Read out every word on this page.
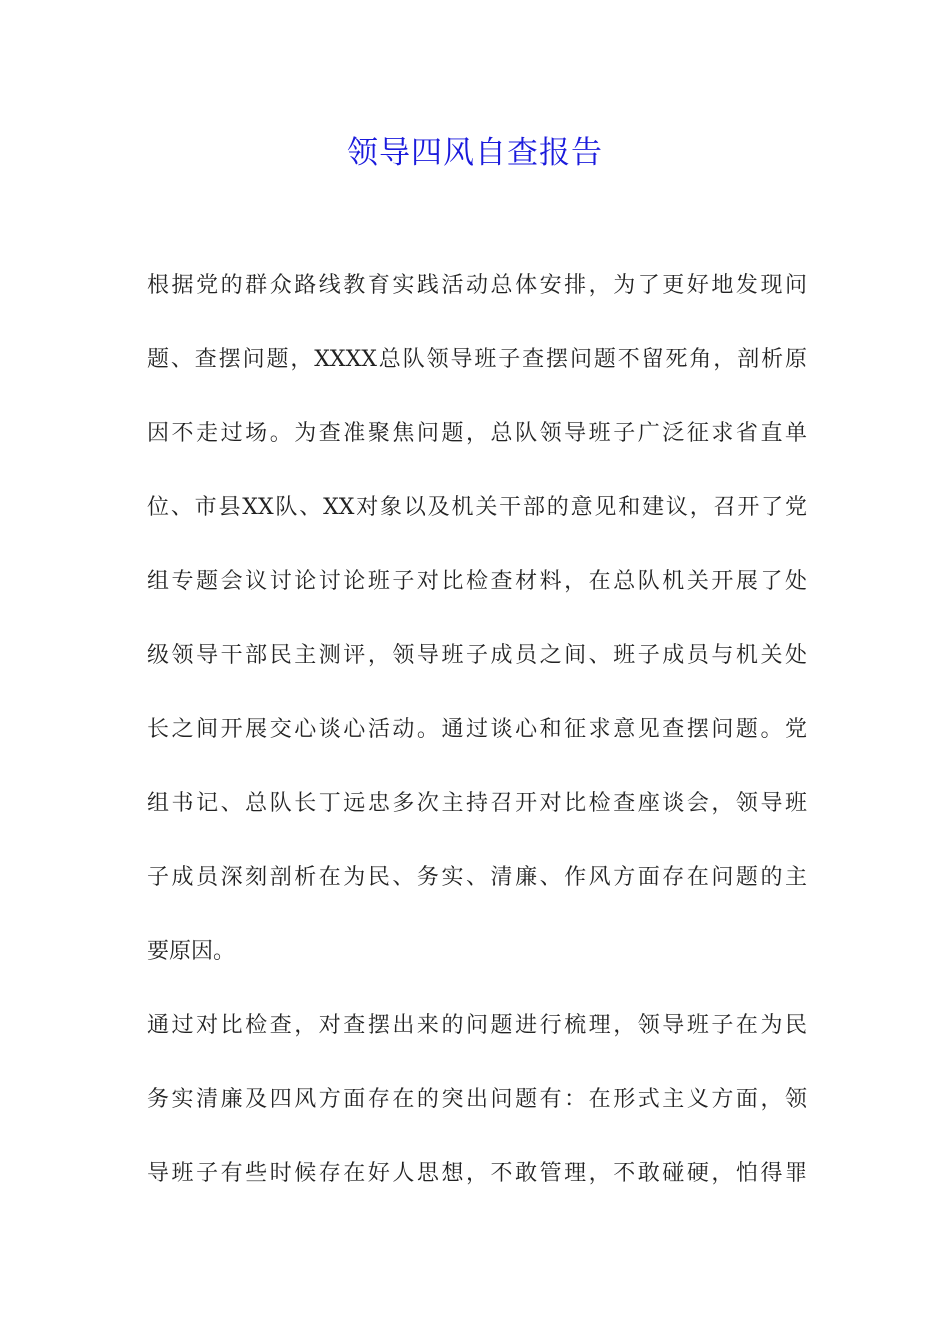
领导四风自查报告
根据党的群众路线教育实践活动总体安排，为了更好地发现问
题、查摆问题，XXXX总队领导班子查摆问题不留死角，剖析原
因不走过场。为查准聚焦问题，总队领导班子广泛征求省直单
位、市县XX队、XX对象以及机关干部的意见和建议，召开了党
组专题会议讨论讨论班子对比检查材料，在总队机关开展了处
级领导干部民主测评，领导班子成员之间、班子成员与机关处
长之间开展交心谈心活动。通过谈心和征求意见查摆问题。党
组书记、总队长丁远忠多次主持召开对比检查座谈会，领导班
子成员深刻剖析在为民、务实、清廉、作风方面存在问题的主
要原因。
通过对比检查，对查摆出来的问题进行梳理，领导班子在为民
务实清廉及四风方面存在的突出问题有：在形式主义方面，领
导班子有些时候存在好人思想，不敢管理，不敢碰硬，怕得罪
